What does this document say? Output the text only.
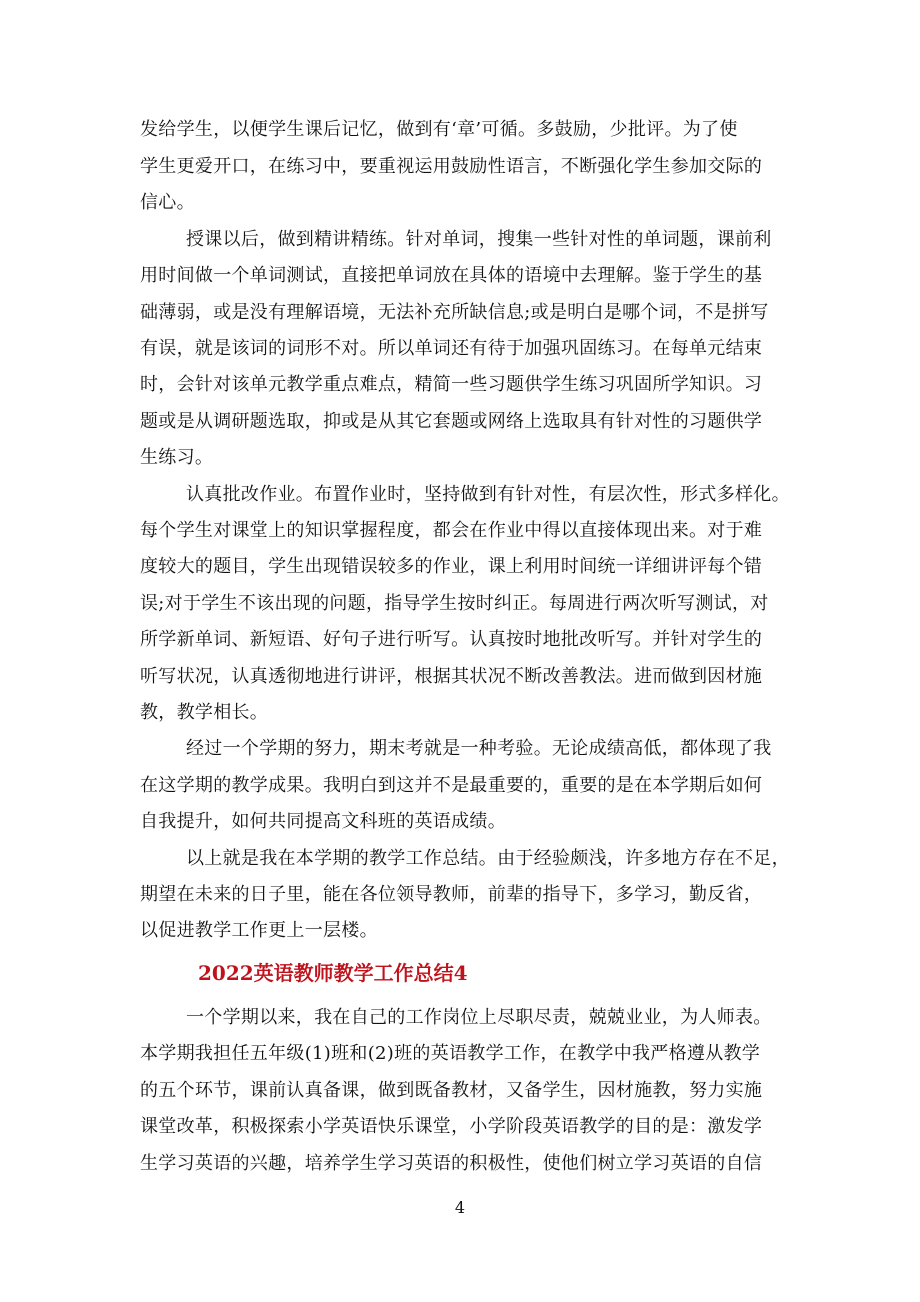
发给学生，以便学生课后记忆，做到有‘章’可循。多鼓励，少批评。为了使
学生更爱开口，在练习中，要重视运用鼓励性语言，不断强化学生参加交际的
信心。
授课以后，做到精讲精练。针对单词，搜集一些针对性的单词题，课前利
用时间做一个单词测试，直接把单词放在具体的语境中去理解。鉴于学生的基
础薄弱，或是没有理解语境，无法补充所缺信息;或是明白是哪个词，不是拼写
有误，就是该词的词形不对。所以单词还有待于加强巩固练习。在每单元结束
时，会针对该单元教学重点难点，精简一些习题供学生练习巩固所学知识。习
题或是从调研题选取，抑或是从其它套题或网络上选取具有针对性的习题供学
生练习。
认真批改作业。布置作业时，坚持做到有针对性，有层次性，形式多样化。
每个学生对课堂上的知识掌握程度，都会在作业中得以直接体现出来。对于难
度较大的题目，学生出现错误较多的作业，课上利用时间统一详细讲评每个错
误;对于学生不该出现的问题，指导学生按时纠正。每周进行两次听写测试，对
所学新单词、新短语、好句子进行听写。认真按时地批改听写。并针对学生的
听写状况，认真透彻地进行讲评，根据其状况不断改善教法。进而做到因材施
教，教学相长。
经过一个学期的努力，期末考就是一种考验。无论成绩高低，都体现了我
在这学期的教学成果。我明白到这并不是最重要的，重要的是在本学期后如何
自我提升，如何共同提高文科班的英语成绩。
以上就是我在本学期的教学工作总结。由于经验颇浅，许多地方存在不足，
期望在未来的日子里，能在各位领导教师，前辈的指导下，多学习，勤反省，
以促进教学工作更上一层楼。
2022英语教师教学工作总结4
一个学期以来，我在自己的工作岗位上尽职尽责，兢兢业业，为人师表。
本学期我担任五年级(1)班和(2)班的英语教学工作，在教学中我严格遵从教学
的五个环节，课前认真备课，做到既备教材，又备学生，因材施教，努力实施
课堂改革，积极探索小学英语快乐课堂，小学阶段英语教学的目的是：激发学
生学习英语的兴趣，培养学生学习英语的积极性，使他们树立学习英语的自信
4
